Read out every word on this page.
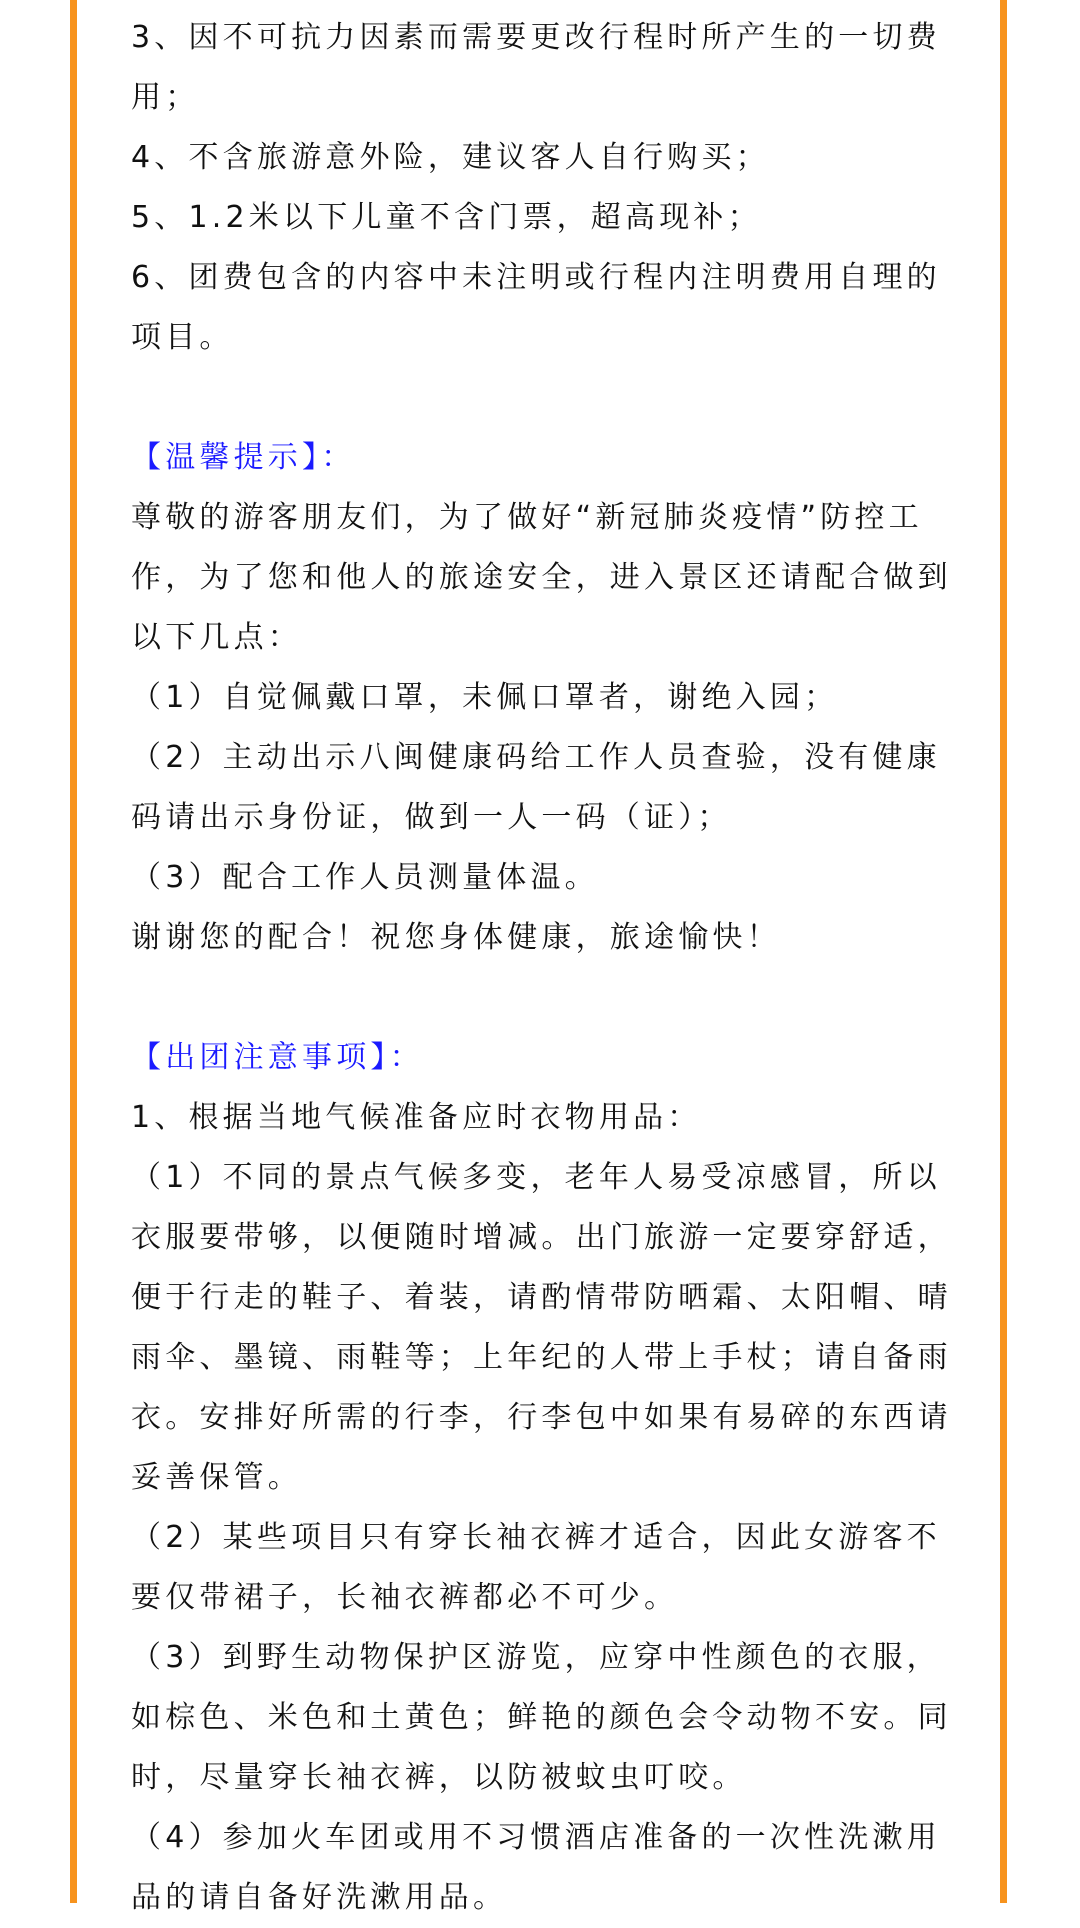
3、因不可抗力因素而需要更改行程时所产生的一切费用；

4、不含旅游意外险，建议客人自行购买；

5、1.2米以下儿童不含门票，超高现补；

6、团费包含的内容中未注明或行程内注明费用自理的项目。

【温馨提示】：

尊敬的游客朋友们，为了做好“新冠肺炎疫情”防控工作，为了您和他人的旅途安全，进入景区还请配合做到以下几点：

（1）自觉佩戴口罩，未佩口罩者，谢绝入园；

（2）主动出示八闽健康码给工作人员查验，没有健康码请出示身份证，做到一人一码（证）；

（3）配合工作人员测量体温。

谢谢您的配合！祝您身体健康，旅途愉快！

【出团注意事项】：

1、根据当地气候准备应时衣物用品：

（1）不同的景点气候多变，老年人易受凉感冒，所以衣服要带够，以便随时增减。出门旅游一定要穿舒适，便于行走的鞋子、着装，请酌情带防晒霜、太阳帽、晴雨伞、墨镜、雨鞋等；上年纪的人带上手杖；请自备雨衣。安排好所需的行李，行李包中如果有易碎的东西请妥善保管。

（2）某些项目只有穿长袖衣裤才适合，因此女游客不要仅带裙子，长袖衣裤都必不可少。

（3）到野生动物保护区游览，应穿中性颜色的衣服，如棕色、米色和土黄色；鲜艳的颜色会令动物不安。同时，尽量穿长袖衣裤，以防被蚊虫叮咬。

（4）参加火车团或用不习惯酒店准备的一次性洗漱用品的请自备好洗漱用品。
